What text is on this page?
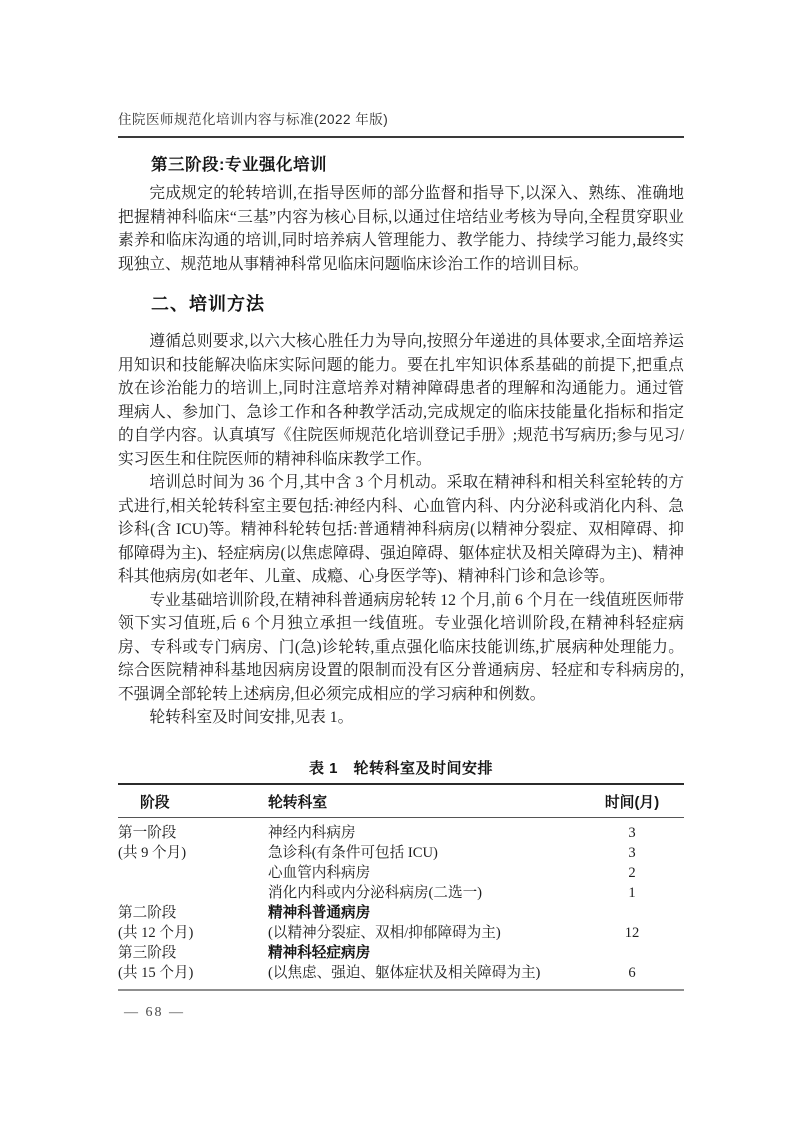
住院医师规范化培训内容与标准(2022 年版)
第三阶段:专业强化培训

完成规定的轮转培训,在指导医师的部分监督和指导下,以深入、熟练、准确地把握精神科临床“三基”内容为核心目标,以通过住培结业考核为导向,全程贯穿职业素养和临床沟通的培训,同时培养病人管理能力、教学能力、持续学习能力,最终实现独立、规范地从事精神科常见临床问题临床诊治工作的培训目标。

二、培训方法

遵循总则要求,以六大核心胜任力为导向,按照分年递进的具体要求,全面培养运用知识和技能解决临床实际问题的能力。要在扎牢知识体系基础的前提下,把重点放在诊治能力的培训上,同时注意培养对精神障碍患者的理解和沟通能力。通过管理病人、参加门、急诊工作和各种教学活动,完成规定的临床技能量化指标和指定的自学内容。认真填写《住院医师规范化培训登记手册》;规范书写病历;参与见习/实习医生和住院医师的精神科临床教学工作。

培训总时间为 36 个月,其中含 3 个月机动。采取在精神科和相关科室轮转的方式进行,相关轮转科室主要包括:神经内科、心血管内科、内分泌科或消化内科、急诊科(含 ICU)等。精神科轮转包括:普通精神科病房(以精神分裂症、双相障碍、抑郁障碍为主)、轻症病房(以焦虑障碍、强迫障碍、躯体症状及相关障碍为主)、精神科其他病房(如老年、儿童、成瘾、心身医学等)、精神科门诊和急诊等。

专业基础培训阶段,在精神科普通病房轮转 12 个月,前 6 个月在一线值班医师带领下实习值班,后 6 个月独立承担一线值班。专业强化培训阶段,在精神科轻症病房、专科或专门病房、门(急)诊轮转,重点强化临床技能训练,扩展病种处理能力。综合医院精神科基地因病房设置的限制而没有区分普通病房、轻症和专科病房的,不强调全部轮转上述病房,但必须完成相应的学习病种和例数。

轮转科室及时间安排,见表 1。

表 1　轮转科室及时间安排
阶段	轮转科室	时间(月)
第一阶段	神经内科病房	3
(共 9 个月)	急诊科(有条件可包括 ICU)	3
	心血管内科病房	2
	消化内科或内分泌科病房(二选一)	1
第二阶段	精神科普通病房	
(共 12 个月)	(以精神分裂症、双相/抑郁障碍为主)	12
第三阶段	精神科轻症病房	
(共 15 个月)	(以焦虑、强迫、躯体症状及相关障碍为主)	6
— 68 —
